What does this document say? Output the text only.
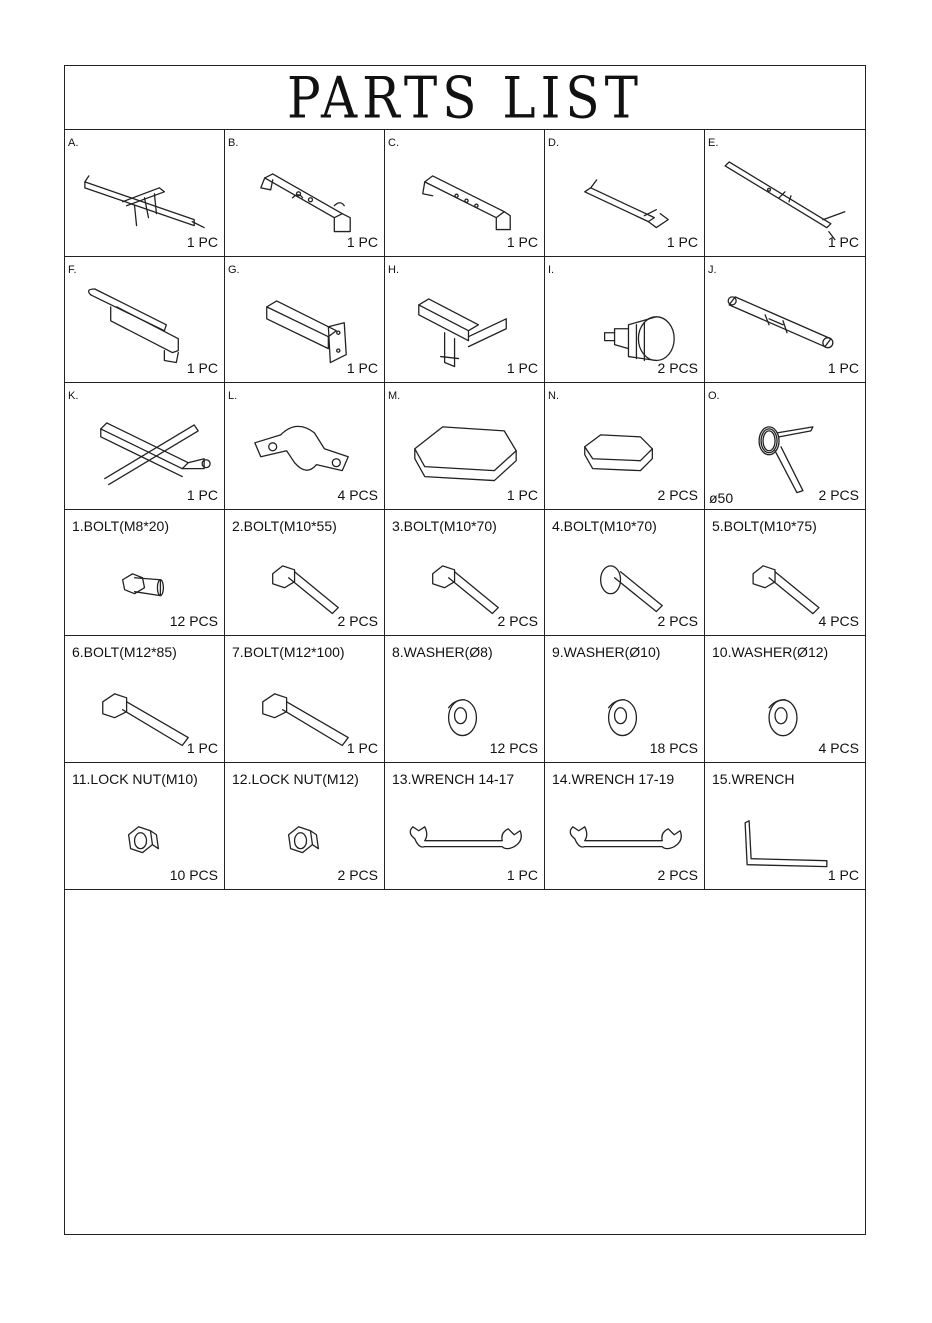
PARTS LIST
A.
1 PC
B.
1 PC
C.
1 PC
D.
1 PC
E.
1 PC
F.
1 PC
G.
1 PC
H.
1 PC
I.
2 PCS
J.
1 PC
K.
1 PC
L.
4 PCS
M.
1 PC
N.
2 PCS
O.
2 PCS
ø50
1.BOLT(M8*20)
12 PCS
2.BOLT(M10*55)
2 PCS
3.BOLT(M10*70)
2 PCS
4.BOLT(M10*70)
2 PCS
5.BOLT(M10*75)
4 PCS
6.BOLT(M12*85)
1 PC
7.BOLT(M12*100)
1 PC
8.WASHER(Ø8)
12 PCS
9.WASHER(Ø10)
18 PCS
10.WASHER(Ø12)
4 PCS
11.LOCK NUT(M10)
10 PCS
12.LOCK NUT(M12)
2 PCS
13.WRENCH 14-17
1 PC
14.WRENCH 17-19
2 PCS
15.WRENCH
1 PC
